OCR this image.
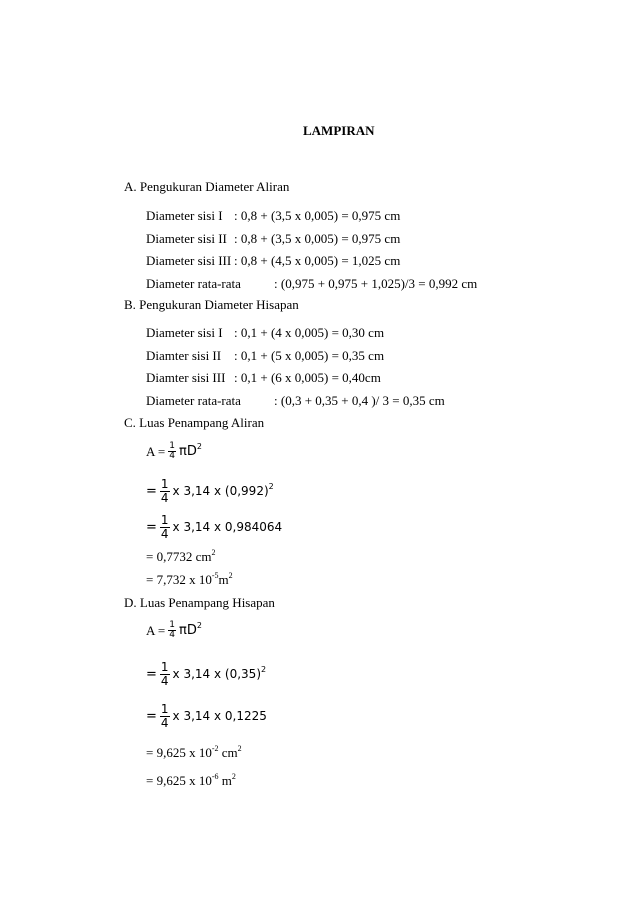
LAMPIRAN
A. Pengukuran Diameter Aliran
Diameter sisi I : 0,8 + (3,5 x 0,005) = 0,975 cm
Diameter sisi II : 0,8 + (3,5 x 0,005) = 0,975 cm
Diameter sisi III : 0,8 + (4,5 x 0,005) = 1,025 cm
Diameter rata-rata	: (0,975 + 0,975 + 1,025)/3 = 0,992 cm
B. Pengukuran Diameter Hisapan
Diameter sisi I : 0,1 + (4 x 0,005) = 0,30 cm
Diamter sisi II : 0,1 + (5 x 0,005) = 0,35 cm
Diamter sisi III : 0,1 + (6 x 0,005) = 0,40cm
Diameter rata-rata	: (0,3 + 0,35 + 0,4 )/ 3 = 0,35 cm
C. Luas Penampang Aliran
$A = \frac{1}{4} \pi D^2$
= $\frac{1}{4}$ x 3,14 x $(0,992)^2$
= $\frac{1}{4}$ x 3,14 x 0,984064
= 0,7732 $cm^2$
= 7,732 x $10^{-5}m^2$
D. Luas Penampang Hisapan
$A = \frac{1}{4} \pi D^2$
= $\frac{1}{4}$ x 3,14 x $(0,35)^2$
= $\frac{1}{4}$ x 3,14 x 0,1225
= 9,625 x $10^{-2}$ $cm^2$
= 9,625 x $10^{-6}$ $m^2$
